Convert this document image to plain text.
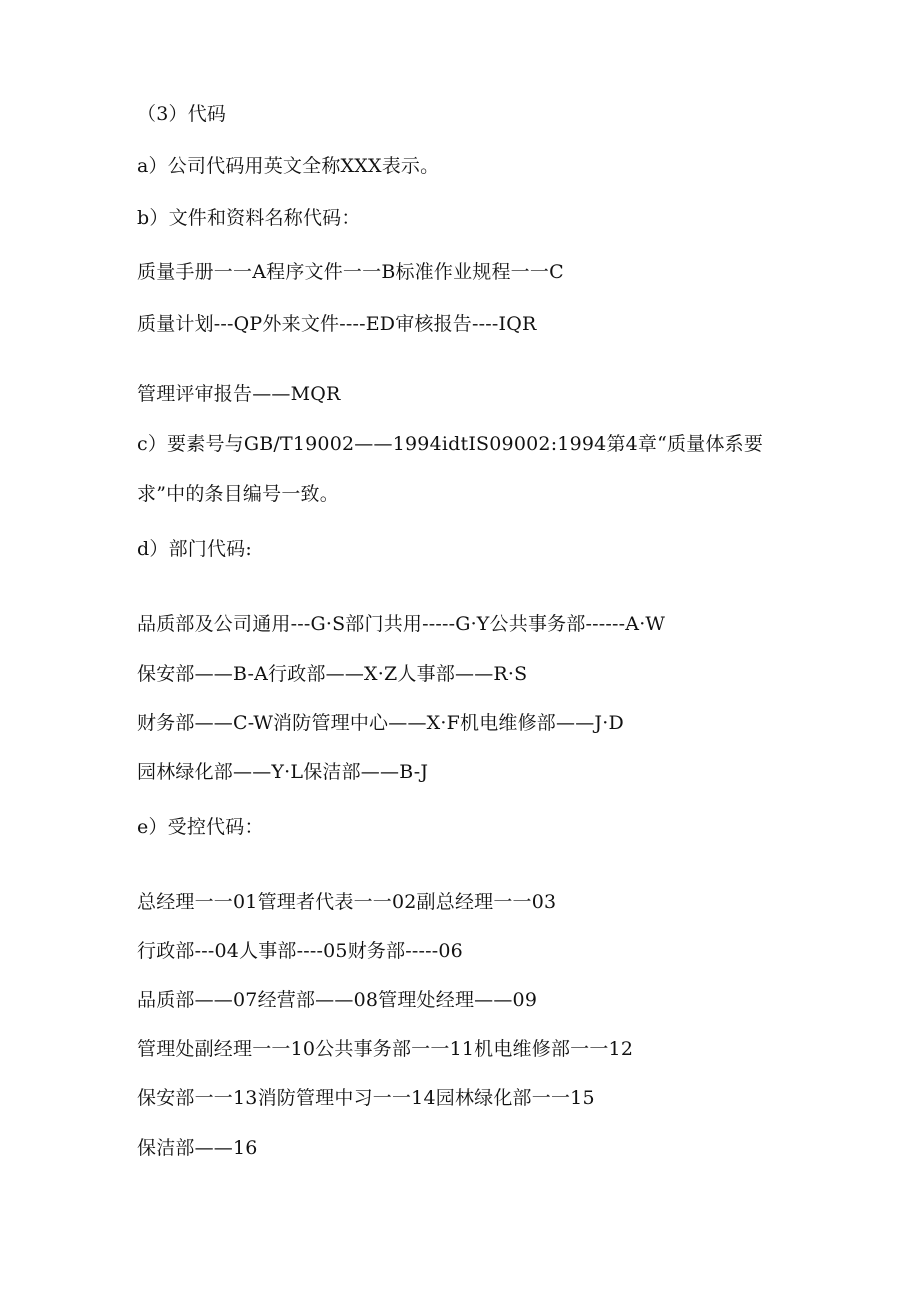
（3）代码
a）公司代码用英文全称XXX表示。
b）文件和资料名称代码：
质量手册一一A程序文件一一B标准作业规程一一C
质量计划---QP外来文件----ED审核报告----IQR
管理评审报告——MQR
c）要素号与GB/T19002——1994idtIS09002:1994第4章“质量体系要
求”中的条目编号一致。
d）部门代码:
品质部及公司通用---G·S部门共用-----G·Y公共事务部------A·W
保安部——B-A行政部——X·Z人事部——R·S
财务部——C-W消防管理中心——X·F机电维修部——J·D
园林绿化部——Y·L保洁部——B-J
e）受控代码：
总经理一一01管理者代表一一02副总经理一一03
行政部---04人事部----05财务部-----06
品质部——07经营部——08管理处经理——09
管理处副经理一一10公共事务部一一11机电维修部一一12
保安部一一13消防管理中习一一14园林绿化部一一15
保洁部——16
